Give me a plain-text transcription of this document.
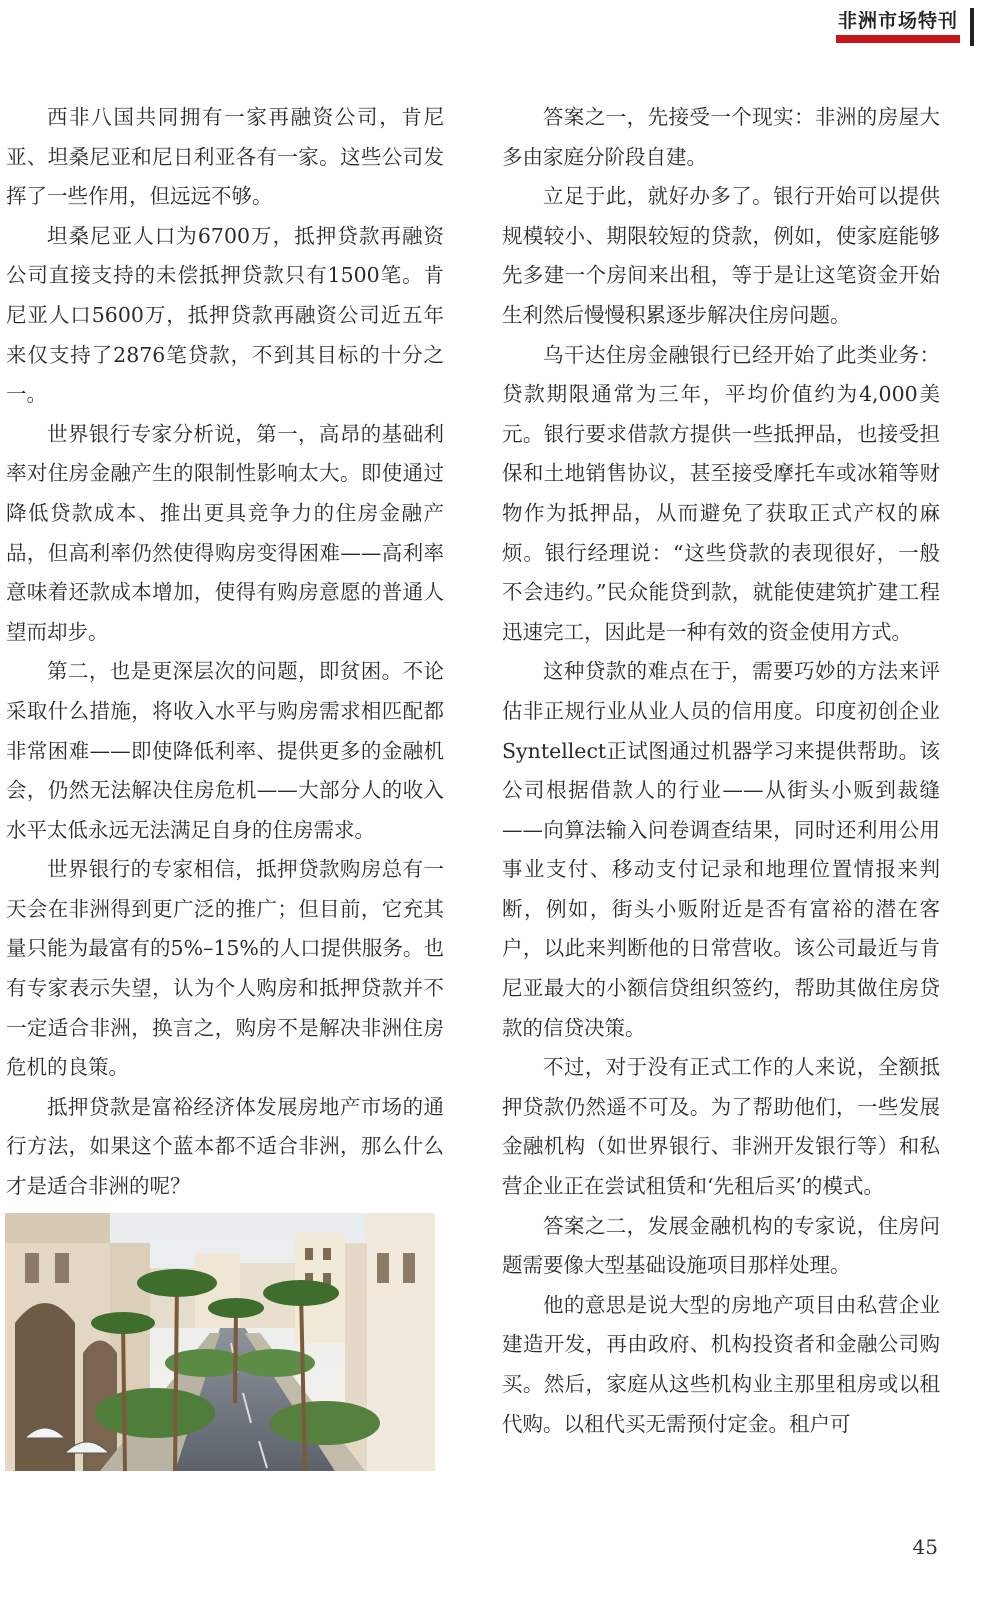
非洲市场特刊

西非八国共同拥有一家再融资公司，肯尼亚、坦桑尼亚和尼日利亚各有一家。这些公司发挥了一些作用，但远远不够。

坦桑尼亚人口为6700万，抵押贷款再融资公司直接支持的未偿抵押贷款只有1500笔。肯尼亚人口5600万，抵押贷款再融资公司近五年来仅支持了2876笔贷款，不到其目标的十分之一。

世界银行专家分析说，第一，高昂的基础利率对住房金融产生的限制性影响太大。即使通过降低贷款成本、推出更具竞争力的住房金融产品，但高利率仍然使得购房变得困难——高利率意味着还款成本增加，使得有购房意愿的普通人望而却步。

第二，也是更深层次的问题，即贫困。不论采取什么措施，将收入水平与购房需求相匹配都非常困难——即使降低利率、提供更多的金融机会，仍然无法解决住房危机——大部分人的收入水平太低永远无法满足自身的住房需求。

世界银行的专家相信，抵押贷款购房总有一天会在非洲得到更广泛的推广；但目前，它充其量只能为最富有的5%–15%的人口提供服务。也有专家表示失望，认为个人购房和抵押贷款并不一定适合非洲，换言之，购房不是解决非洲住房危机的良策。

抵押贷款是富裕经济体发展房地产市场的通行方法，如果这个蓝本都不适合非洲，那么什么才是适合非洲的呢？

答案之一，先接受一个现实：非洲的房屋大多由家庭分阶段自建。

立足于此，就好办多了。银行开始可以提供规模较小、期限较短的贷款，例如，使家庭能够先多建一个房间来出租，等于是让这笔资金开始生利然后慢慢积累逐步解决住房问题。

乌干达住房金融银行已经开始了此类业务：贷款期限通常为三年，平均价值约为4,000美元。银行要求借款方提供一些抵押品，也接受担保和土地销售协议，甚至接受摩托车或冰箱等财物作为抵押品，从而避免了获取正式产权的麻烦。银行经理说：“这些贷款的表现很好，一般不会违约。”民众能贷到款，就能使建筑扩建工程迅速完工，因此是一种有效的资金使用方式。

这种贷款的难点在于，需要巧妙的方法来评估非正规行业从业人员的信用度。印度初创企业Syntellect正试图通过机器学习来提供帮助。该公司根据借款人的行业——从街头小贩到裁缝——向算法输入问卷调查结果，同时还利用公用事业支付、移动支付记录和地理位置情报来判断，例如，街头小贩附近是否有富裕的潜在客户，以此来判断他的日常营收。该公司最近与肯尼亚最大的小额信贷组织签约，帮助其做住房贷款的信贷决策。

不过，对于没有正式工作的人来说，全额抵押贷款仍然遥不可及。为了帮助他们，一些发展金融机构（如世界银行、非洲开发银行等）和私营企业正在尝试租赁和‘先租后买’的模式。

答案之二，发展金融机构的专家说，住房问题需要像大型基础设施项目那样处理。

他的意思是说大型的房地产项目由私营企业建造开发，再由政府、机构投资者和金融公司购买。然后，家庭从这些机构业主那里租房或以租代购。以租代买无需预付定金。租户可

45
